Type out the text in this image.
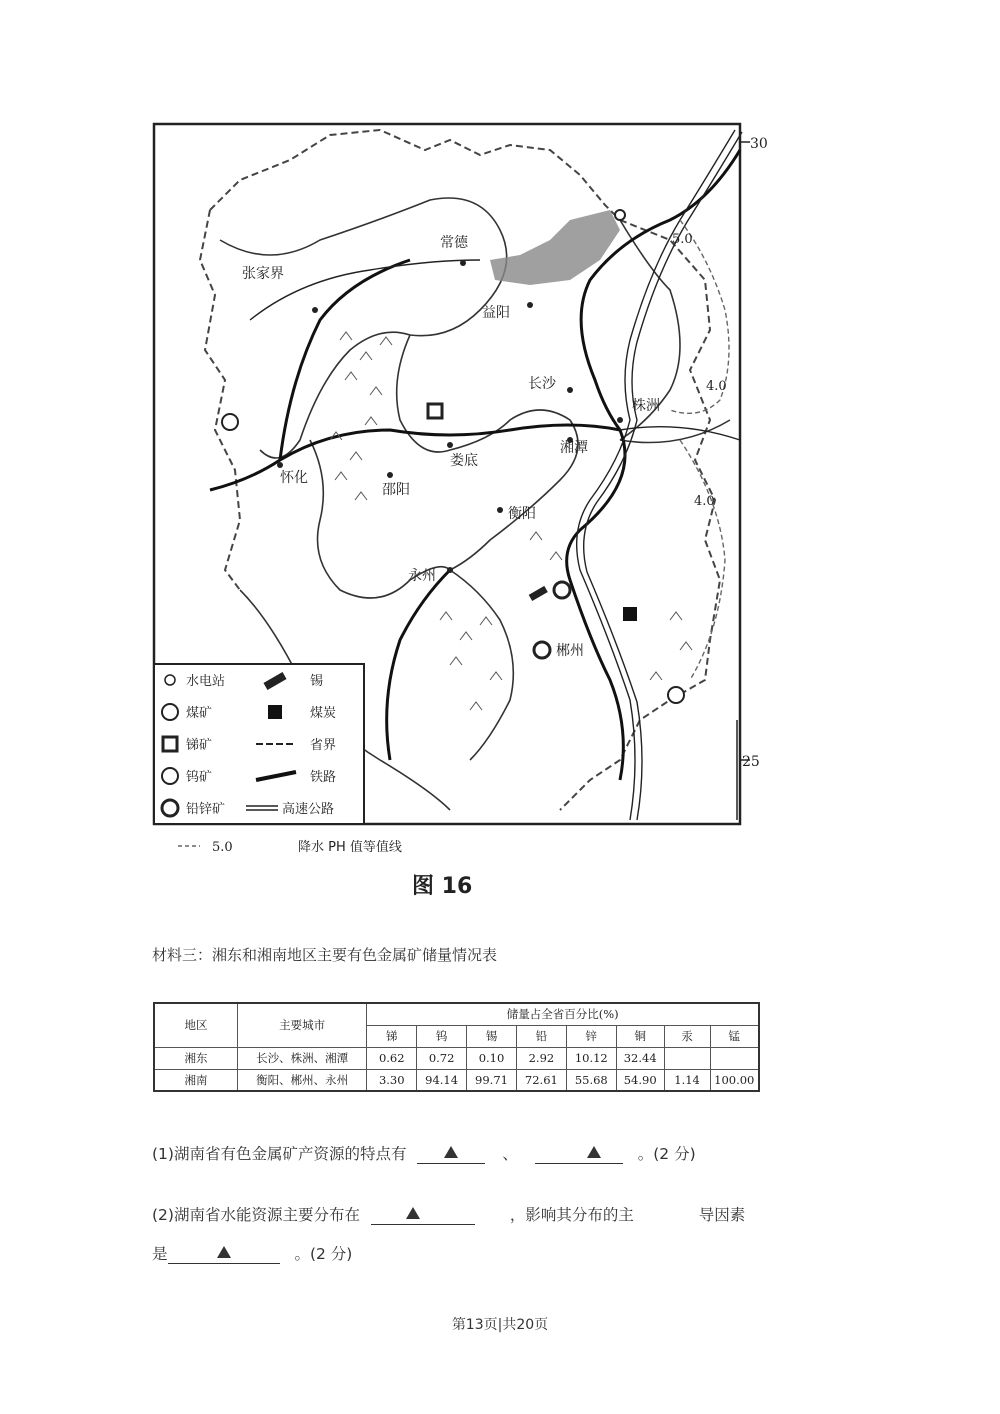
30
25
常德
张家界
益阳
长沙
株洲
湘潭
娄底
怀化
邵阳
衡阳
永州
郴州
5.0
4.0
4.0
水电站	锡
煤矿	煤炭
锑矿	省界
钨矿	铁路
铅锌矿	高速公路
5.0	降水 PH 值等值线
图 16
材料三：湘东和湘南地区主要有色金属矿储量情况表
地区	主要城市	储量占全省百分比(%)							
		锑	钨	锡	铅	锌	铜	汞	锰
湘东	长沙、株洲、湘潭	0.62	0.72	0.10	2.92	10.12	32.44		
湘南	衡阳、郴州、永州	3.30	94.14	99.71	72.61	55.68	54.90	1.14	100.00
(1)湖南省有色金属矿产资源的特点有	、	。(2 分)
(2)湖南省水能资源主要分布在	，影响其分布的主	导因素
是	。(2 分)
第13页|共20页
